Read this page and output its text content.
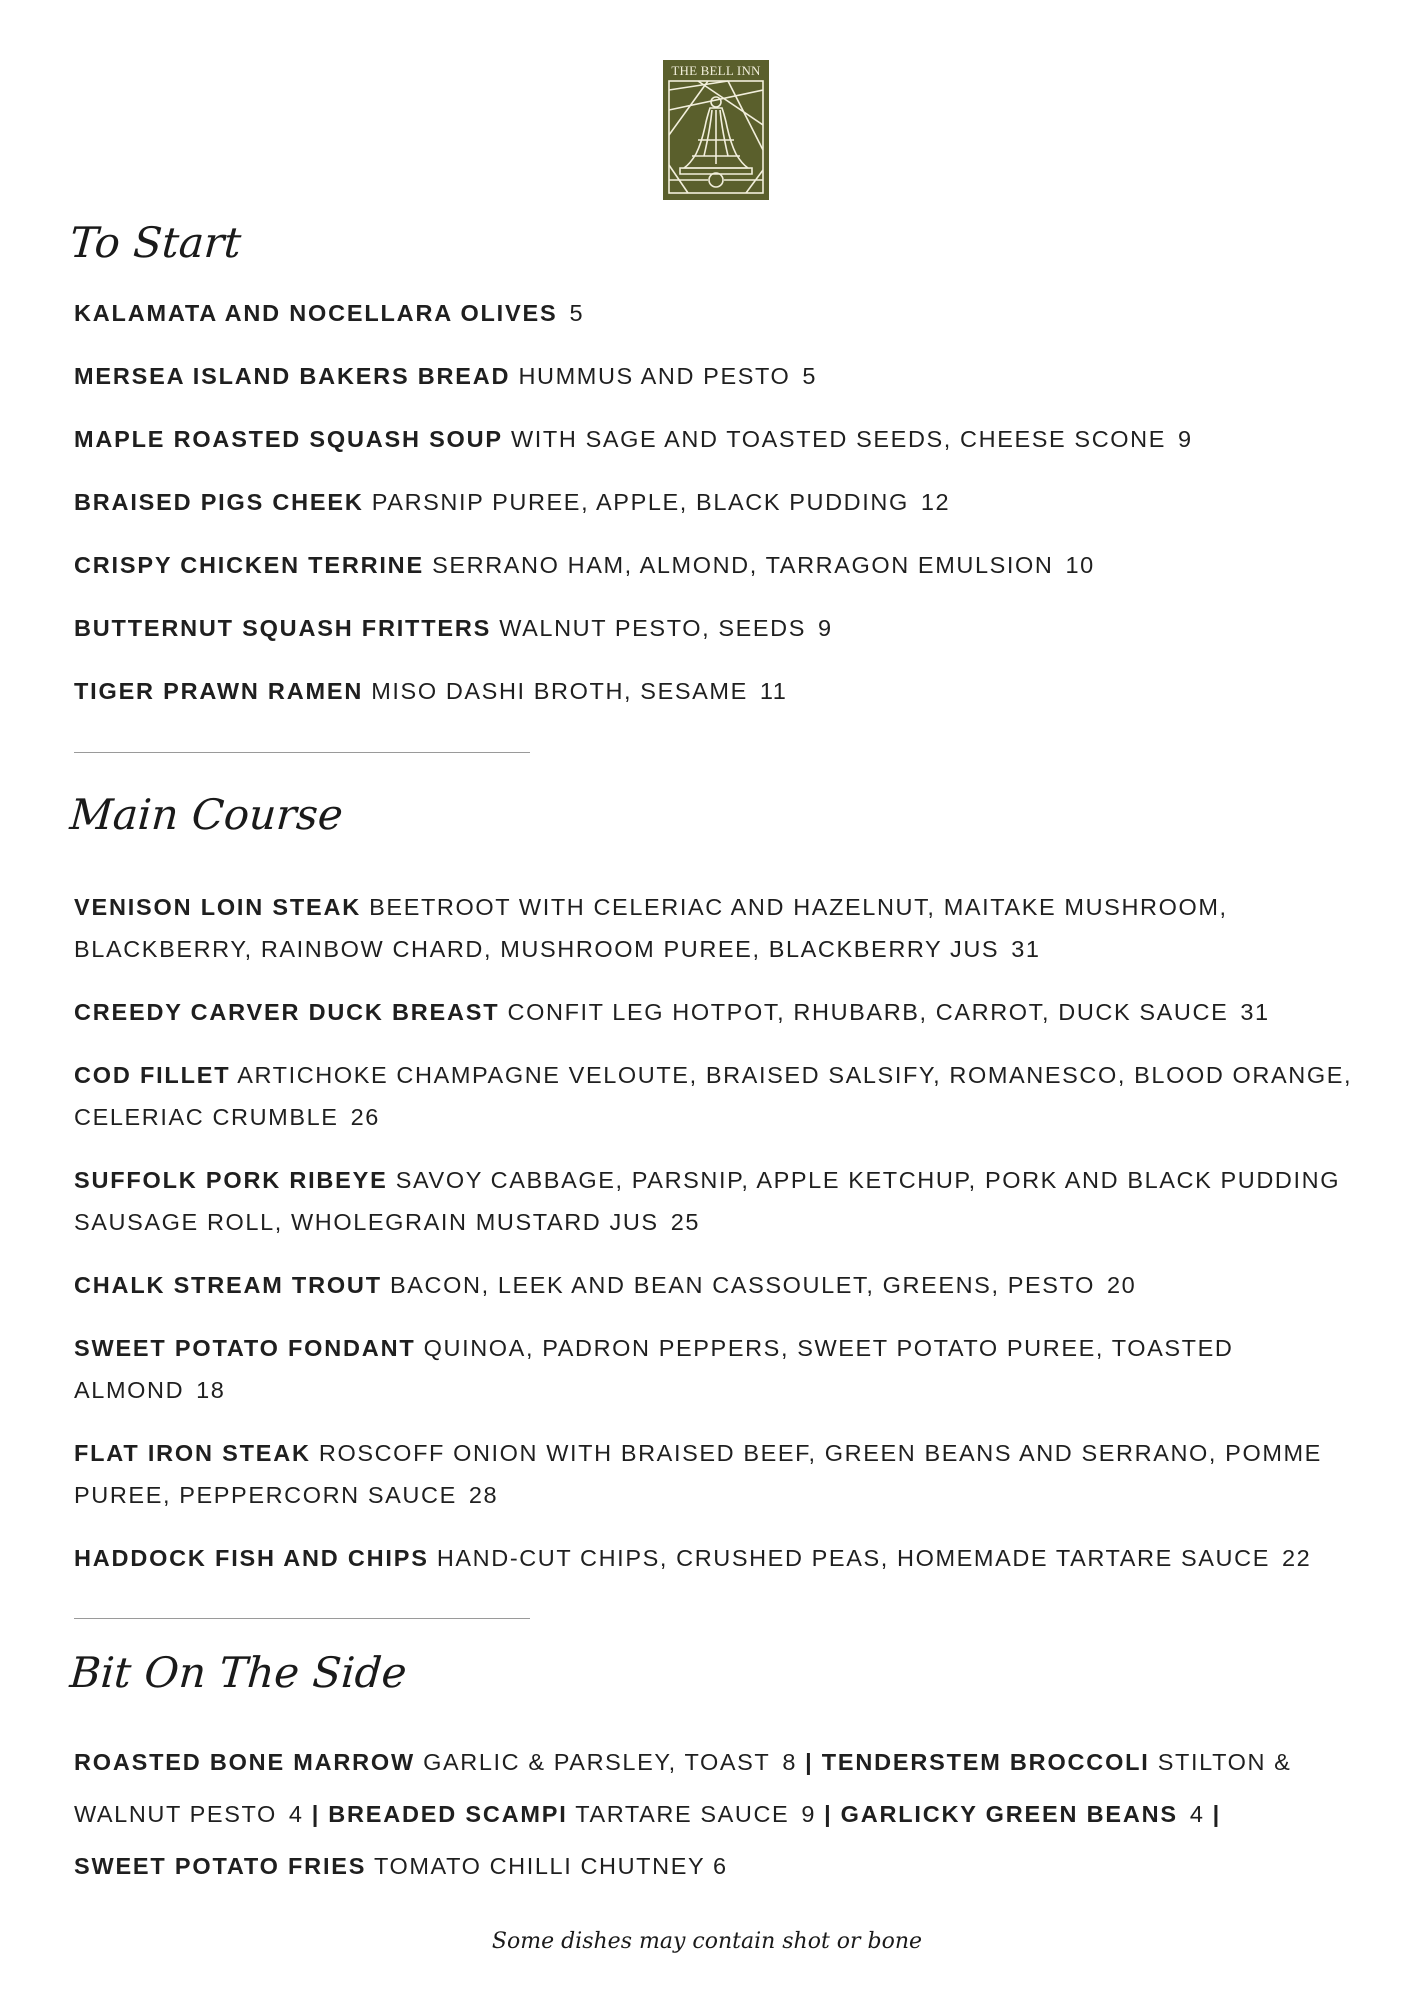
THE BELL INN
To Start
KALAMATA AND NOCELLARA OLIVES 5
MERSEA ISLAND BAKERS BREAD HUMMUS AND PESTO 5
MAPLE ROASTED SQUASH SOUP WITH SAGE AND TOASTED SEEDS, CHEESE SCONE 9
BRAISED PIGS CHEEK PARSNIP PUREE, APPLE, BLACK PUDDING 12
CRISPY CHICKEN TERRINE SERRANO HAM, ALMOND, TARRAGON EMULSION 10
BUTTERNUT SQUASH FRITTERS WALNUT PESTO, SEEDS 9
TIGER PRAWN RAMEN MISO DASHI BROTH, SESAME 11
Main Course
VENISON LOIN STEAK BEETROOT WITH CELERIAC AND HAZELNUT, MAITAKE MUSHROOM, BLACKBERRY, RAINBOW CHARD, MUSHROOM PUREE, BLACKBERRY JUS 31
CREEDY CARVER DUCK BREAST CONFIT LEG HOTPOT, RHUBARB, CARROT, DUCK SAUCE 31
COD FILLET ARTICHOKE CHAMPAGNE VELOUTE, BRAISED SALSIFY, ROMANESCO, BLOOD ORANGE, CELERIAC CRUMBLE 26
SUFFOLK PORK RIBEYE SAVOY CABBAGE, PARSNIP, APPLE KETCHUP, PORK AND BLACK PUDDING SAUSAGE ROLL, WHOLEGRAIN MUSTARD JUS 25
CHALK STREAM TROUT BACON, LEEK AND BEAN CASSOULET, GREENS, PESTO 20
SWEET POTATO FONDANT QUINOA, PADRON PEPPERS, SWEET POTATO PUREE, TOASTED ALMOND 18
FLAT IRON STEAK ROSCOFF ONION WITH BRAISED BEEF, GREEN BEANS AND SERRANO, POMME PUREE, PEPPERCORN SAUCE 28
HADDOCK FISH AND CHIPS HAND-CUT CHIPS, CRUSHED PEAS, HOMEMADE TARTARE SAUCE 22
Bit On The Side
ROASTED BONE MARROW GARLIC & PARSLEY, TOAST 8 | TENDERSTEM BROCCOLI STILTON & WALNUT PESTO 4 | BREADED SCAMPI TARTARE SAUCE 9 | GARLICKY GREEN BEANS 4 | SWEET POTATO FRIES TOMATO CHILLI CHUTNEY 6
Some dishes may contain shot or bone
